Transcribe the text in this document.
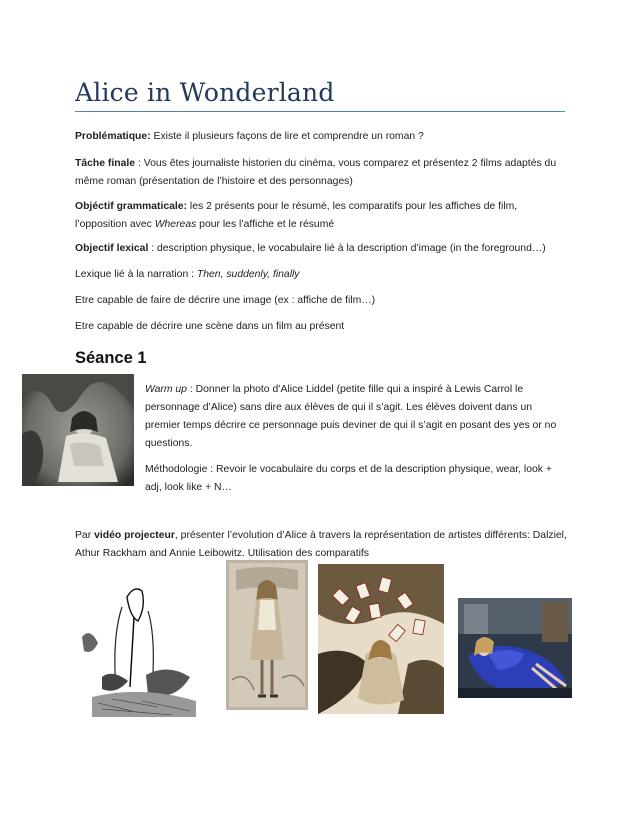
Alice in Wonderland
Problématique: Existe il plusieurs façons de lire et comprendre un roman ?
Tâche finale : Vous êtes journaliste historien du cinéma, vous comparez et présentez 2 films adaptés du même roman (présentation de l’histoire et des personnages)
Objéctif grammaticale: les 2 présents pour le résumé, les comparatifs pour les affiches de film, l’opposition avec Whereas pour les l’affiche et le résumé
Objectif lexical : description physique, le vocabulaire lié à la description d’image (in the foreground…)
Lexique lié à la narration : Then, suddenly, finally
Etre capable de faire de décrire une image (ex : affiche de film…)
Etre capable de décrire une scène dans un film au présent
Séance 1
Warm up : Donner la photo d’Alice Liddel (petite fille qui a inspiré à Lewis Carrol le personnage d’Alice) sans dire aux élèves de qui il s’agit. Les élèves doivent dans un premier temps décrire ce personnage puis deviner de qui il s’agit en posant des yes or no questions.
Méthodologie : Revoir le vocabulaire du corps et de la description physique, wear, look + adj, look like + N…
Par vidéo projecteur, présenter l’evolution d’Alice à travers la représentation de artistes différents: Dalziel, Athur Rackham and Annie Leibowitz. Utilisation des comparatifs
